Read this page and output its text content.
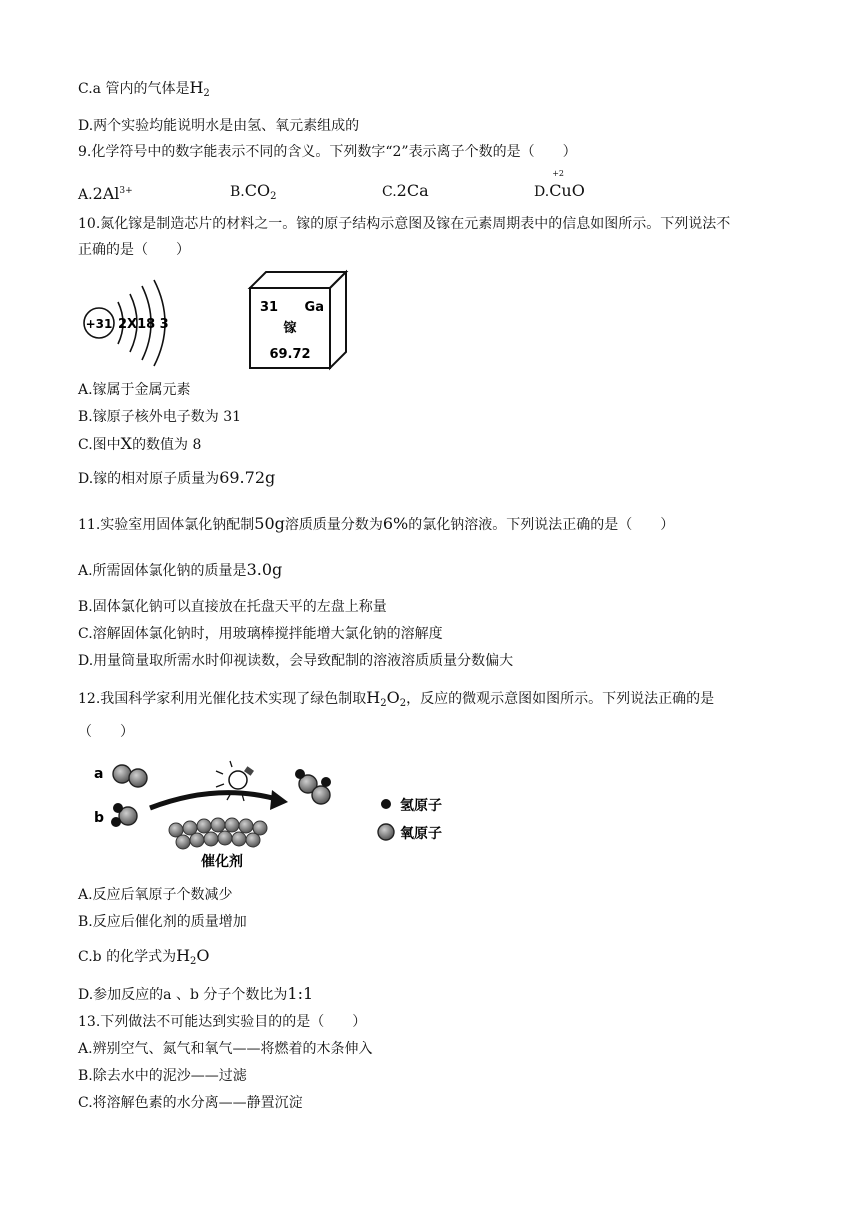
C.a 管内的气体是$H_2$
D.两个实验均能说明水是由氢、氧元素组成的
9.化学符号中的数字能表示不同的含义。下列数字“2”表示离子个数的是（　　）
$A.2Al^{3+}$	$B.CO_2$	C.2Ca	D.
+2
CuO
10.氮化镓是制造芯片的材料之一。镓的原子结构示意图及镓在元素周期表中的信息如图所示。下列说法不
正确的是（　　）
+31 2X18 3
31 Ga
镓
69.72
A.镓属于金属元素
B.镓原子核外电子数为 31
C.图中X的数值为 8
D.镓的相对原子质量为69.72g
11.实验室用固体氯化钠配制50g溶质质量分数为6%的氯化钠溶液。下列说法正确的是（　　）
A.所需固体氯化钠的质量是3.0g
B.固体氯化钠可以直接放在托盘天平的左盘上称量
C.溶解固体氯化钠时，用玻璃棒搅拌能增大氯化钠的溶解度
D.用量筒量取所需水时仰视读数，会导致配制的溶液溶质质量分数偏大
12.我国科学家利用光催化技术实现了绿色制取$H_2O_2$，反应的微观示意图如图所示。下列说法正确的是
（　　）
a
b
催化剂
氢原子
氧原子
A.反应后氧原子个数减少
B.反应后催化剂的质量增加
C.b 的化学式为$H_2O$
D.参加反应的a 、b 分子个数比为1:1
13.下列做法不可能达到实验目的的是（　　）
A.辨别空气、氮气和氧气——将燃着的木条伸入
B.除去水中的泥沙——过滤
C.将溶解色素的水分离——静置沉淀
